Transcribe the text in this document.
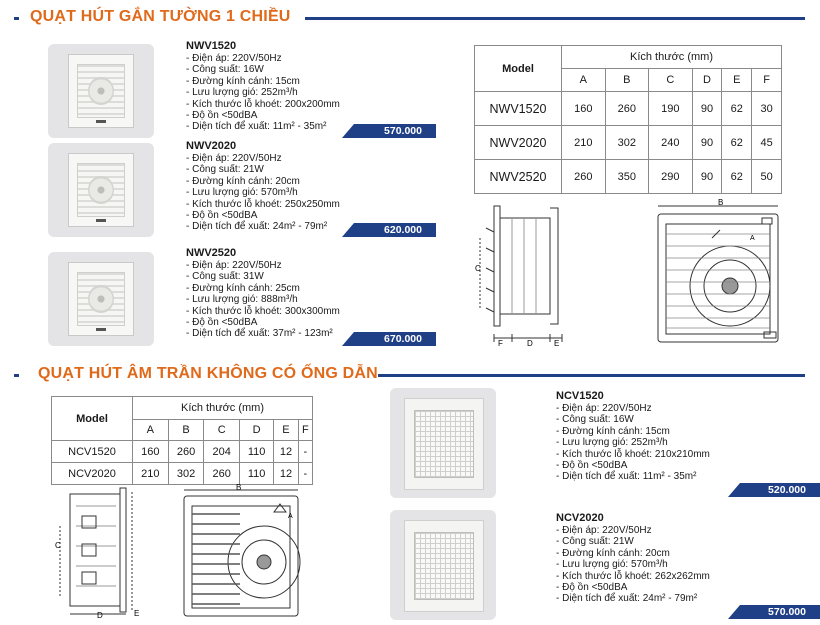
QUẠT HÚT GẮN TƯỜNG 1 CHIỀU
NWV1520
- Điện áp: 220V/50Hz
- Công suất: 16W
- Đường kính cánh: 15cm
- Lưu lượng gió: 252m³/h
- Kích thước lỗ khoét: 200x200mm
- Độ ồn <50dBA
- Diện tích để xuất: 11m² - 35m²	570.000
NWV2020
- Điện áp: 220V/50Hz
- Công suất: 21W
- Đường kính cánh: 20cm
- Lưu lượng gió: 570m³/h
- Kích thước lỗ khoét: 250x250mm
- Độ ồn <50dBA
- Diện tích để xuất: 24m² - 79m²	620.000
NWV2520
- Điện áp: 220V/50Hz
- Công suất: 31W
- Đường kính cánh: 25cm
- Lưu lượng gió: 888m³/h
- Kích thước lỗ khoét: 300x300mm
- Độ ồn <50dBA
- Diện tích để xuất: 37m² - 123m²	670.000
Model	Kích thước (mm)					
	A	B	C	D	E	F
NWV1520	160	260	190	90	62	30
NWV2020	210	302	240	90	62	45
NWV2520	260	350	290	90	62	50
C
F	D	E
B
A
QUẠT HÚT ÂM TRẦN KHÔNG CÓ ỐNG DẪN
Model	Kích thước (mm)					
	A	B	C	D	E	F
NCV1520	160	260	204	110	12	-
NCV2020	210	302	260	110	12	-
C
D	E
B
A
NCV1520
- Điện áp: 220V/50Hz
- Công suất: 16W
- Đường kính cánh: 15cm
- Lưu lượng gió: 252m³/h
- Kích thước lỗ khoét: 210x210mm
- Độ ồn <50dBA
- Diện tích để xuất: 11m² - 35m²
520.000
NCV2020
- Điện áp: 220V/50Hz
- Công suất: 21W
- Đường kính cánh: 20cm
- Lưu lượng gió: 570m³/h
- Kích thước lỗ khoét: 262x262mm
- Độ ồn <50dBA
- Diện tích để xuất: 24m² - 79m²
570.000
